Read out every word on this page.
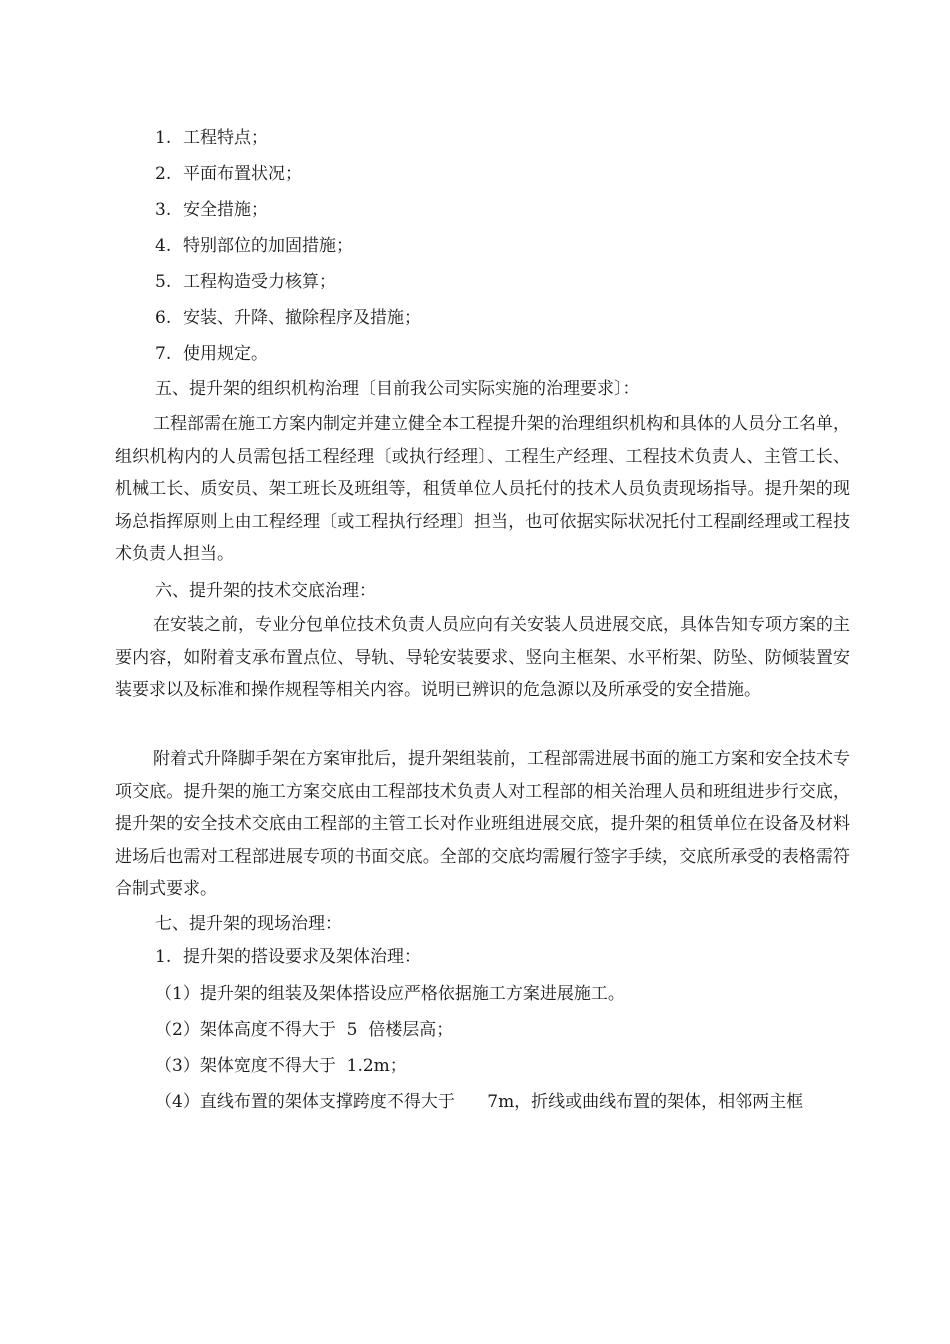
1. 工程特点；
2. 平面布置状况；
3. 安全措施；
4. 特别部位的加固措施；
5. 工程构造受力核算；
6. 安装、升降、撤除程序及措施；
7. 使用规定。
五、提升架的组织机构治理〔目前我公司实际实施的治理要求〕：
工程部需在施工方案内制定并建立健全本工程提升架的治理组织机构和具体的人员分工名单，组织机构内的人员需包括工程经理〔或执行经理〕、工程生产经理、工程技术负责人、主管工长、机械工长、质安员、架工班长及班组等，租赁单位人员托付的技术人员负责现场指导。提升架的现场总指挥原则上由工程经理〔或工程执行经理〕担当，也可依据实际状况托付工程副经理或工程技术负责人担当。
六、提升架的技术交底治理：
在安装之前，专业分包单位技术负责人员应向有关安装人员进展交底，具体告知专项方案的主要内容，如附着支承布置点位、导轨、导轮安装要求、竖向主框架、水平桁架、防坠、防倾装置安装要求以及标准和操作规程等相关内容。说明已辨识的危急源以及所承受的安全措施。
附着式升降脚手架在方案审批后，提升架组装前，工程部需进展书面的施工方案和安全技术专项交底。提升架的施工方案交底由工程部技术负责人对工程部的相关治理人员和班组进步行交底，提升架的安全技术交底由工程部的主管工长对作业班组进展交底，提升架的租赁单位在设备及材料进场后也需对工程部进展专项的书面交底。全部的交底均需履行签字手续，交底所承受的表格需符合制式要求。
七、提升架的现场治理：
1. 提升架的搭设要求及架体治理：
（1）提升架的组装及架体搭设应严格依据施工方案进展施工。
（2）架体高度不得大于  5  倍楼层高；
（3）架体宽度不得大于  1.2m；
（4）直线布置的架体支撑跨度不得大于      7m，折线或曲线布置的架体，相邻两主框
